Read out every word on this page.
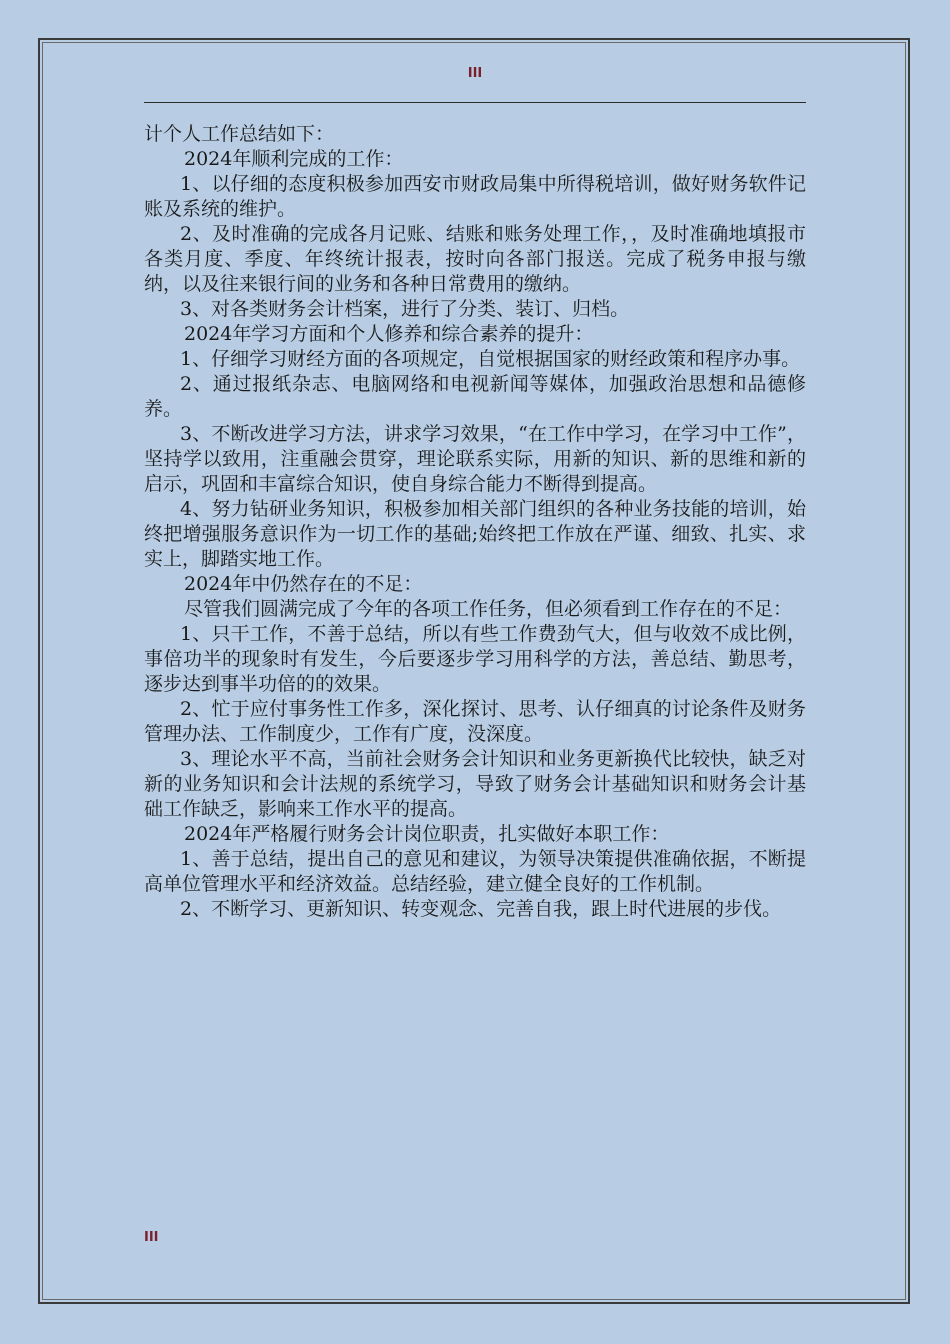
III

计个人工作总结如下：

2024年顺利完成的工作：

1、以仔细的态度积极参加西安市财政局集中所得税培训，做好财务软件记账及系统的维护。

2、及时准确的完成各月记账、结账和账务处理工作，，及时准确地填报市各类月度、季度、年终统计报表，按时向各部门报送。完成了税务申报与缴纳，以及往来银行间的业务和各种日常费用的缴纳。

3、对各类财务会计档案，进行了分类、装订、归档。

2024年学习方面和个人修养和综合素养的提升：

1、仔细学习财经方面的各项规定，自觉根据国家的财经政策和程序办事。

2、通过报纸杂志、电脑网络和电视新闻等媒体，加强政治思想和品德修养。

3、不断改进学习方法，讲求学习效果，“在工作中学习，在学习中工作”，坚持学以致用，注重融会贯穿，理论联系实际，用新的知识、新的思维和新的启示，巩固和丰富综合知识，使自身综合能力不断得到提高。

4、努力钻研业务知识，积极参加相关部门组织的各种业务技能的培训，始终把增强服务意识作为一切工作的基础;始终把工作放在严谨、细致、扎实、求实上，脚踏实地工作。

2024年中仍然存在的不足：

尽管我们圆满完成了今年的各项工作任务，但必须看到工作存在的不足：

1、只干工作，不善于总结，所以有些工作费劲气大，但与收效不成比例，事倍功半的现象时有发生，今后要逐步学习用科学的方法，善总结、勤思考，逐步达到事半功倍的的效果。

2、忙于应付事务性工作多，深化探讨、思考、认仔细真的讨论条件及财务管理办法、工作制度少，工作有广度，没深度。

3、理论水平不高，当前社会财务会计知识和业务更新换代比较快，缺乏对新的业务知识和会计法规的系统学习，导致了财务会计基础知识和财务会计基础工作缺乏，影响来工作水平的提高。

2024年严格履行财务会计岗位职责，扎实做好本职工作：

1、善于总结，提出自己的意见和建议，为领导决策提供准确依据，不断提高单位管理水平和经济效益。总结经验，建立健全良好的工作机制。

2、不断学习、更新知识、转变观念、完善自我，跟上时代进展的步伐。

III
